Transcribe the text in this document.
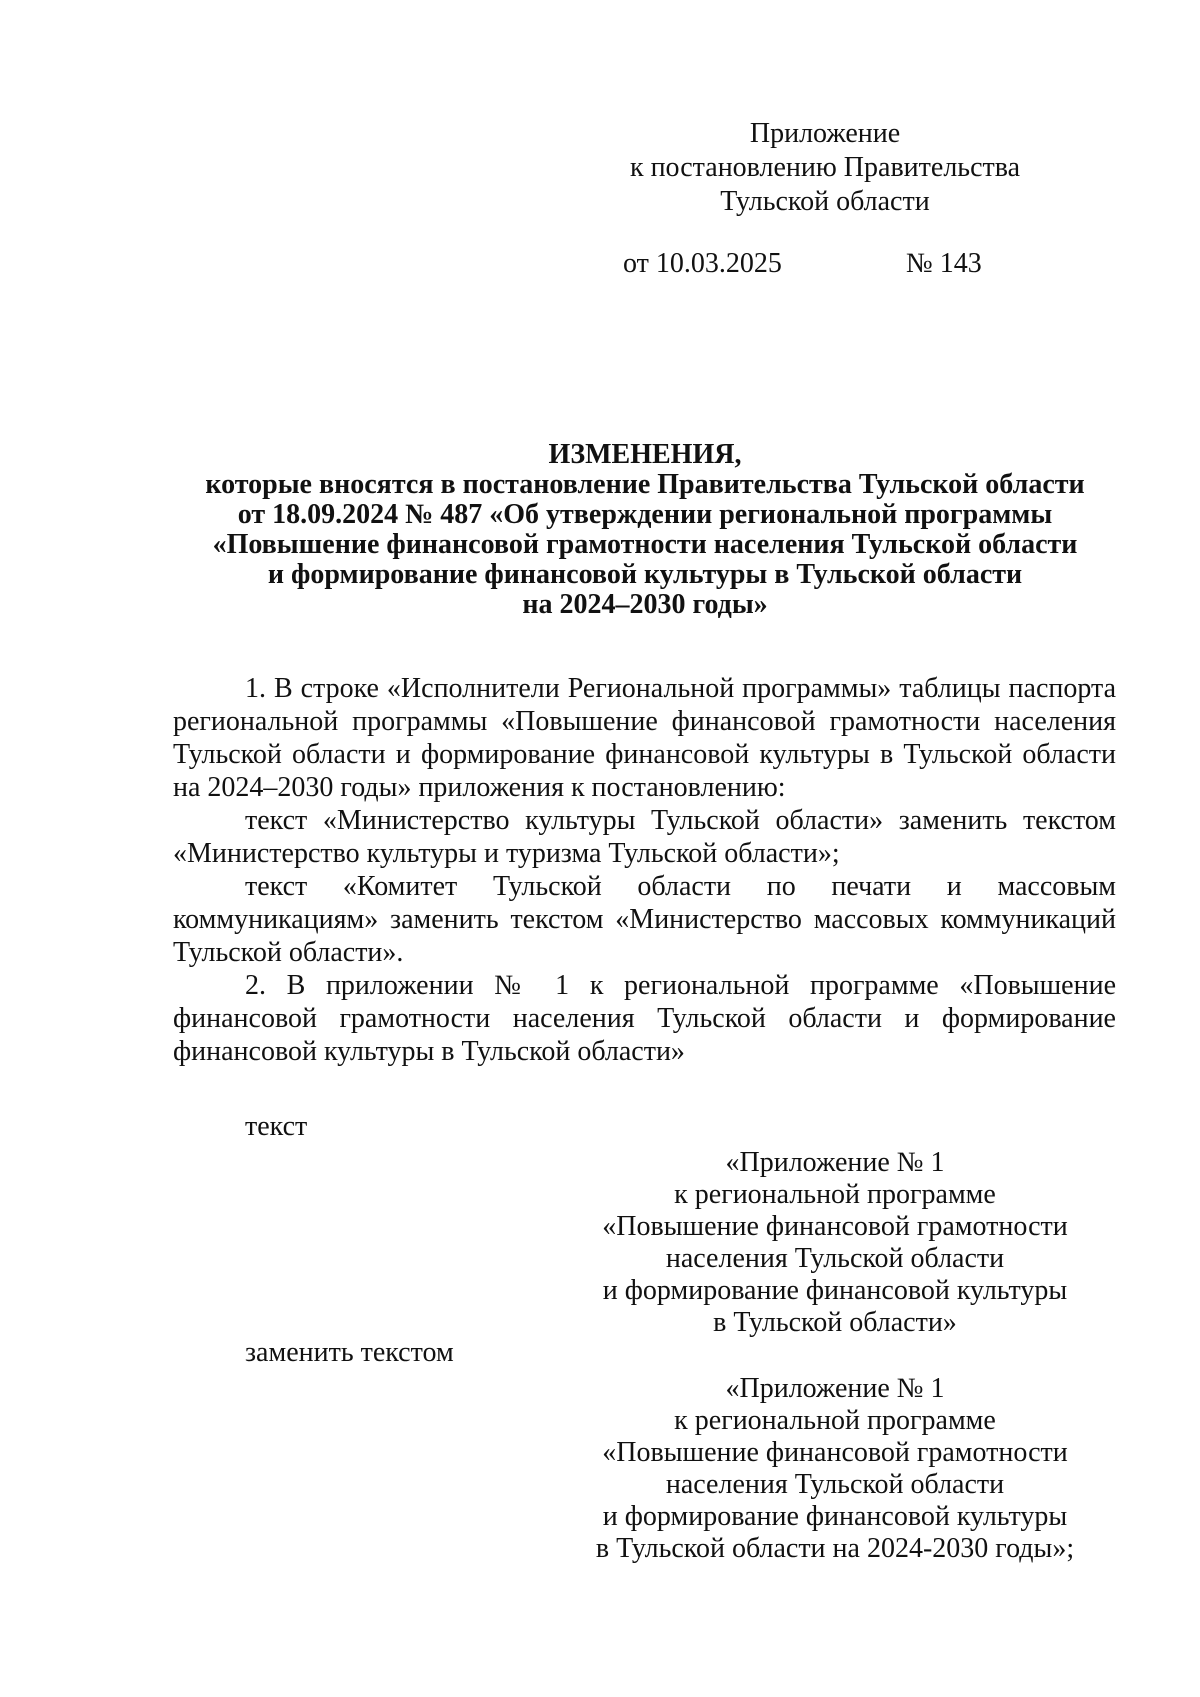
Приложение
к постановлению Правительства
Тульской области
от 10.03.2025	№ 143
ИЗМЕНЕНИЯ,
которые вносятся в постановление Правительства Тульской области
от 18.09.2024 № 487 «Об утверждении региональной программы
«Повышение финансовой грамотности населения Тульской области
и формирование финансовой культуры в Тульской области
на 2024–2030 годы»

1. В строке «Исполнители Региональной программы» таблицы паспорта региональной программы «Повышение финансовой грамотности населения Тульской области и формирование финансовой культуры в Тульской области на 2024–2030 годы» приложения к постановлению:

текст «Министерство культуры Тульской области» заменить текстом «Министерство культуры и туризма Тульской области»;

текст «Комитет Тульской области по печати и массовым коммуникациям» заменить текстом «Министерство массовых коммуникаций Тульской области».

2. В приложении № 1 к региональной программе «Повышение финансовой грамотности населения Тульской области и формирование финансовой культуры в Тульской области»

текст
«Приложение № 1
к региональной программе
«Повышение финансовой грамотности
населения Тульской области
и формирование финансовой культуры
в Тульской области»
заменить текстом
«Приложение № 1
к региональной программе
«Повышение финансовой грамотности
населения Тульской области
и формирование финансовой культуры
в Тульской области на 2024-2030 годы»;
